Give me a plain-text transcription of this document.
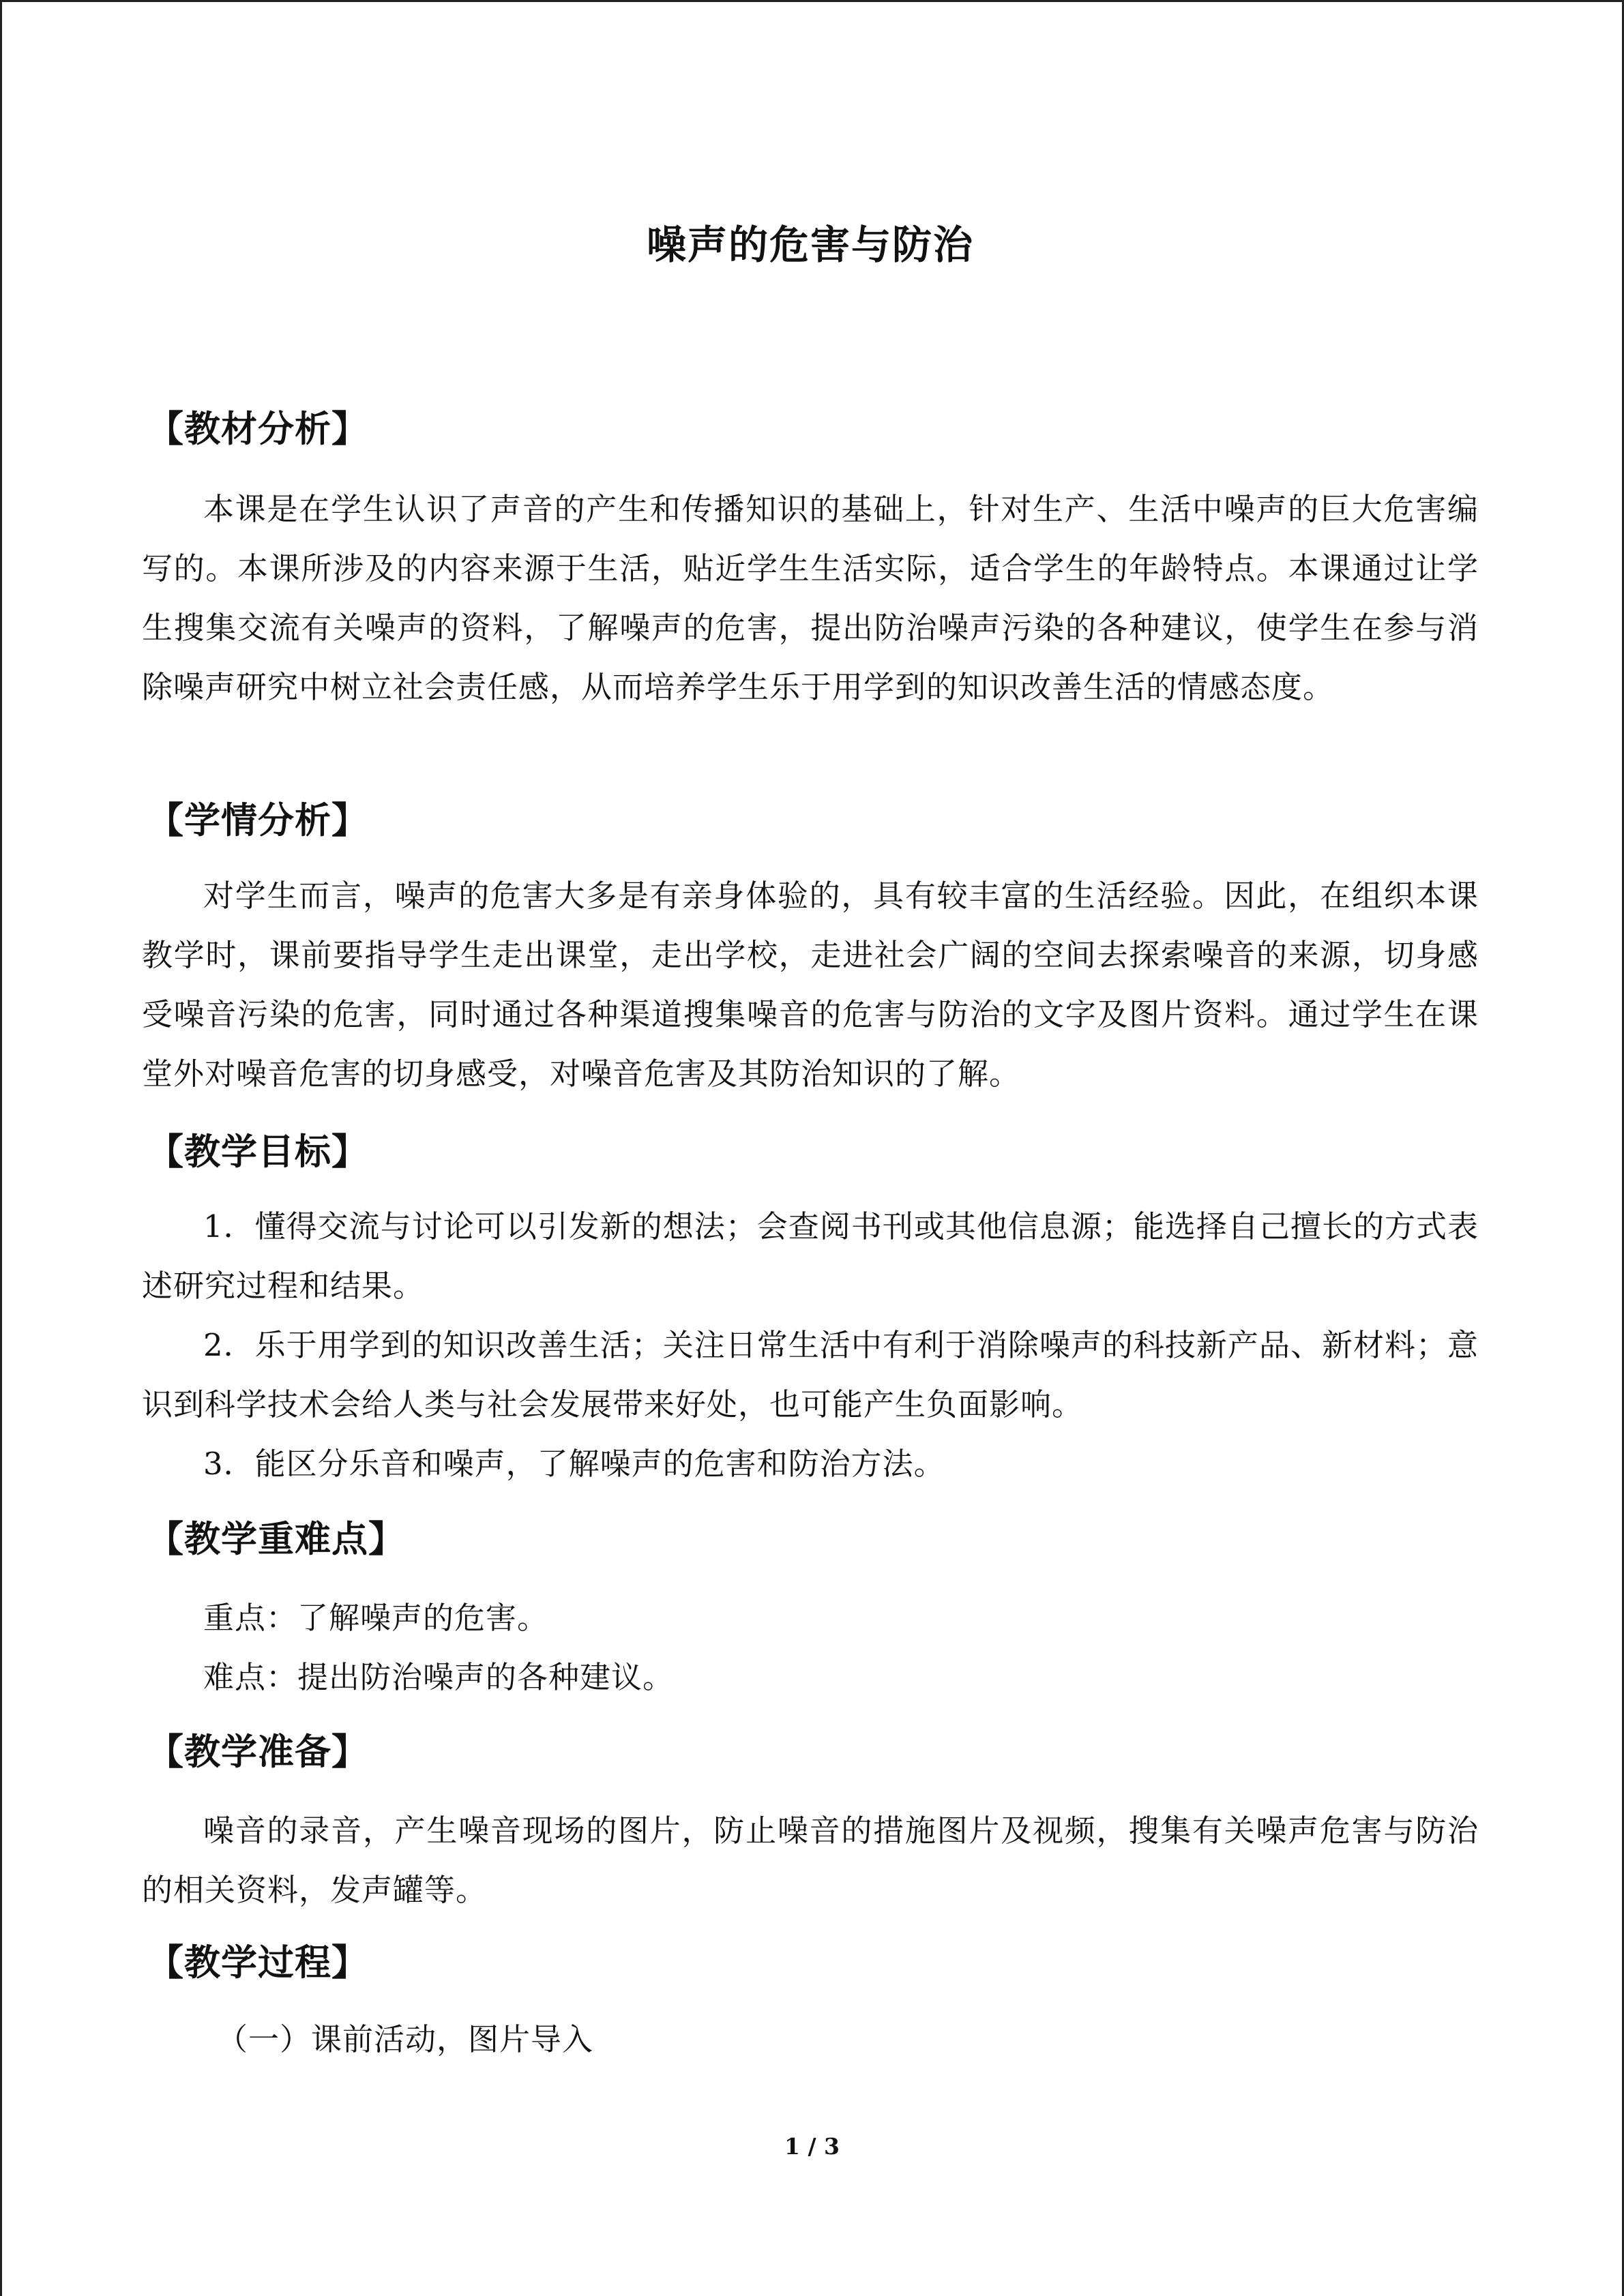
噪声的危害与防治
【教材分析】
本课是在学生认识了声音的产生和传播知识的基础上，针对生产、生活中噪声的巨大危害编写的。本课所涉及的内容来源于生活，贴近学生生活实际，适合学生的年龄特点。本课通过让学生搜集交流有关噪声的资料，了解噪声的危害，提出防治噪声污染的各种建议，使学生在参与消除噪声研究中树立社会责任感，从而培养学生乐于用学到的知识改善生活的情感态度。
【学情分析】
对学生而言，噪声的危害大多是有亲身体验的，具有较丰富的生活经验。因此，在组织本课教学时，课前要指导学生走出课堂，走出学校，走进社会广阔的空间去探索噪音的来源，切身感受噪音污染的危害，同时通过各种渠道搜集噪音的危害与防治的文字及图片资料。通过学生在课堂外对噪音危害的切身感受，对噪音危害及其防治知识的了解。
【教学目标】
1．懂得交流与讨论可以引发新的想法；会查阅书刊或其他信息源；能选择自己擅长的方式表述研究过程和结果。
2．乐于用学到的知识改善生活；关注日常生活中有利于消除噪声的科技新产品、新材料；意识到科学技术会给人类与社会发展带来好处，也可能产生负面影响。
3．能区分乐音和噪声，了解噪声的危害和防治方法。
【教学重难点】
重点：了解噪声的危害。
难点：提出防治噪声的各种建议。
【教学准备】
噪音的录音，产生噪音现场的图片，防止噪音的措施图片及视频，搜集有关噪声危害与防治的相关资料，发声罐等。
【教学过程】
（一）课前活动，图片导入
1 / 3
